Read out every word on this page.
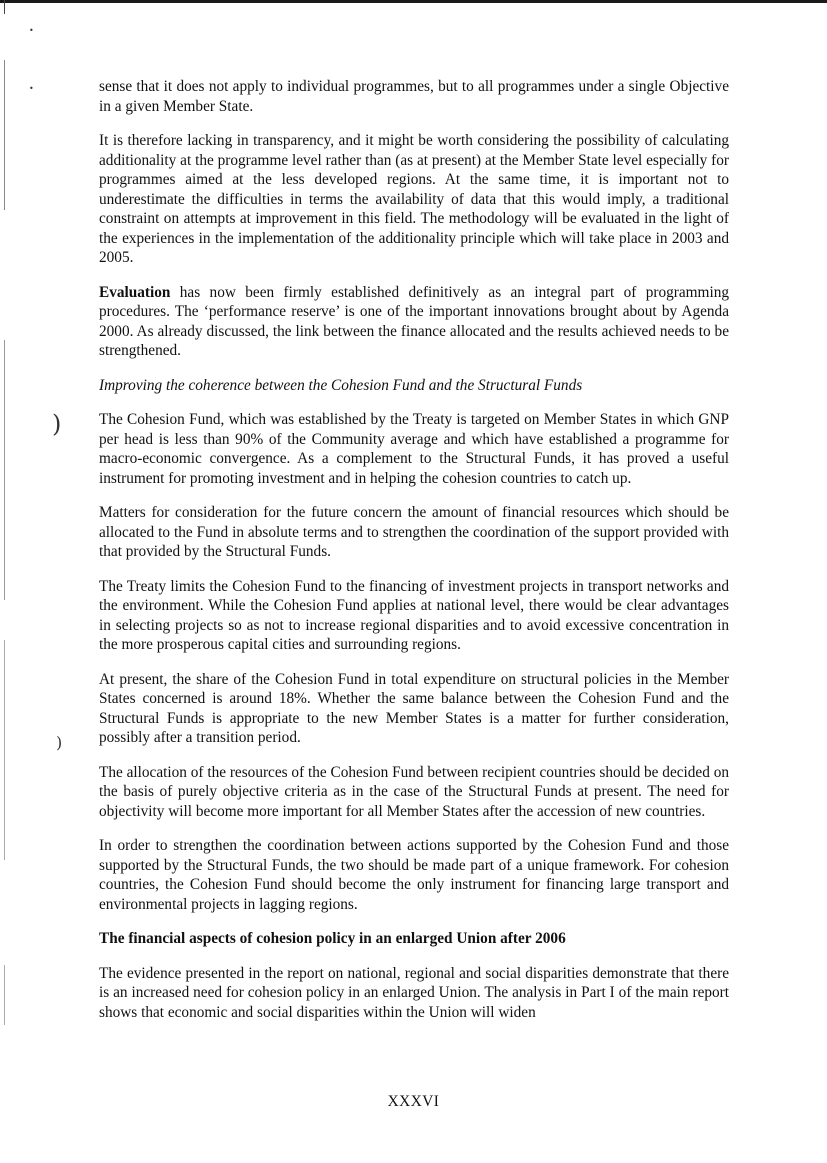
•
•
)
)

sense that it does not apply to individual programmes, but to all programmes under a single Objective in a given Member State.

It is therefore lacking in transparency, and it might be worth considering the possibility of calculating additionality at the programme level rather than (as at present) at the Member State level especially for programmes aimed at the less developed regions. At the same time, it is important not to underestimate the difficulties in terms the availability of data that this would imply, a traditional constraint on attempts at improvement in this field. The methodology will be evaluated in the light of the experiences in the implementation of the additionality principle which will take place in 2003 and 2005.

Evaluation has now been firmly established definitively as an integral part of programming procedures. The ‘performance reserve’ is one of the important innovations brought about by Agenda 2000. As already discussed, the link between the finance allocated and the results achieved needs to be strengthened.

Improving the coherence between the Cohesion Fund and the Structural Funds

The Cohesion Fund, which was established by the Treaty is targeted on Member States in which GNP per head is less than 90% of the Community average and which have established a programme for macro-economic convergence. As a complement to the Structural Funds, it has proved a useful instrument for promoting investment and in helping the cohesion countries to catch up.

Matters for consideration for the future concern the amount of financial resources which should be allocated to the Fund in absolute terms and to strengthen the coordination of the support provided with that provided by the Structural Funds.

The Treaty limits the Cohesion Fund to the financing of investment projects in transport networks and the environment. While the Cohesion Fund applies at national level, there would be clear advantages in selecting projects so as not to increase regional disparities and to avoid excessive concentration in the more prosperous capital cities and surrounding regions.

At present, the share of the Cohesion Fund in total expenditure on structural policies in the Member States concerned is around 18%. Whether the same balance between the Cohesion Fund and the Structural Funds is appropriate to the new Member States is a matter for further consideration, possibly after a transition period.

The allocation of the resources of the Cohesion Fund between recipient countries should be decided on the basis of purely objective criteria as in the case of the Structural Funds at present. The need for objectivity will become more important for all Member States after the accession of new countries.

In order to strengthen the coordination between actions supported by the Cohesion Fund and those supported by the Structural Funds, the two should be made part of a unique framework. For cohesion countries, the Cohesion Fund should become the only instrument for financing large transport and environmental projects in lagging regions.

The financial aspects of cohesion policy in an enlarged Union after 2006

The evidence presented in the report on national, regional and social disparities demonstrate that there is an increased need for cohesion policy in an enlarged Union. The analysis in Part I of the main report shows that economic and social disparities within the Union will widen

XXXVI
